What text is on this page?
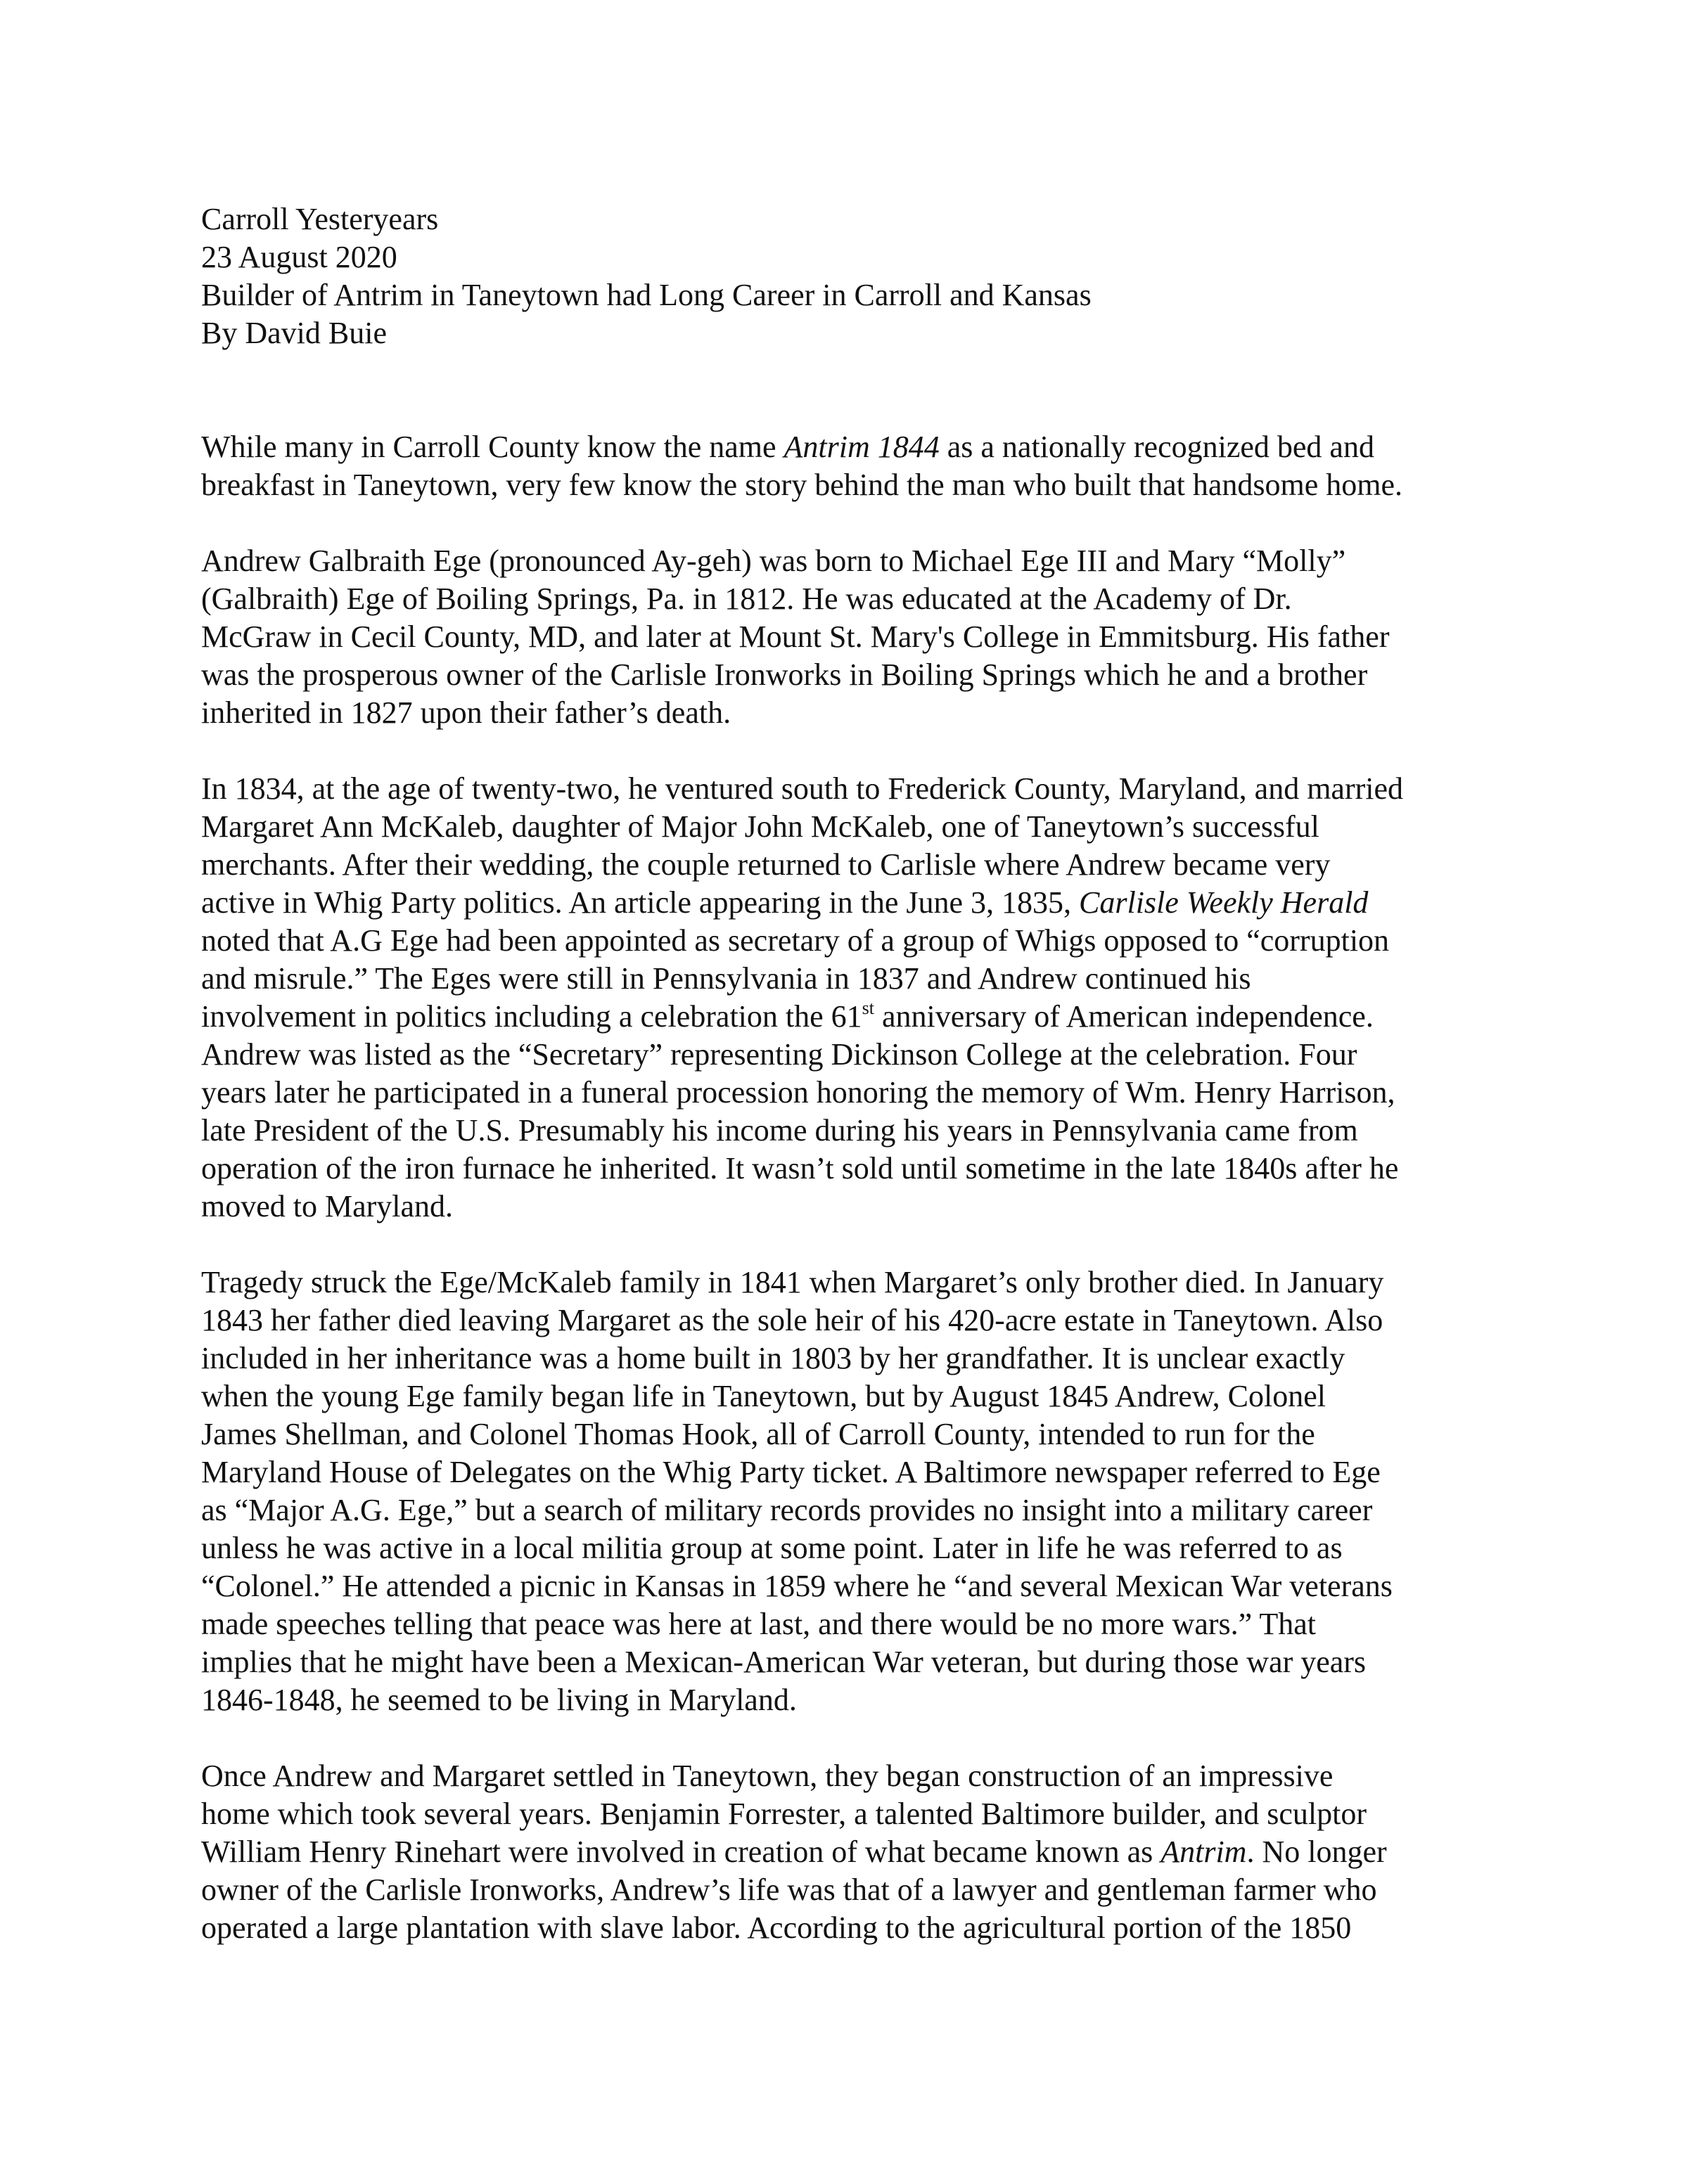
Carroll Yesteryears
23 August 2020
Builder of Antrim in Taneytown had Long Career in Carroll and Kansas
By David Buie
While many in Carroll County know the name Antrim 1844 as a nationally recognized bed and
breakfast in Taneytown, very few know the story behind the man who built that handsome home.
Andrew Galbraith Ege (pronounced Ay-geh) was born to Michael Ege III and Mary “Molly”
(Galbraith) Ege of Boiling Springs, Pa. in 1812. He was educated at the Academy of Dr.
McGraw in Cecil County, MD, and later at Mount St. Mary's College in Emmitsburg. His father
was the prosperous owner of the Carlisle Ironworks in Boiling Springs which he and a brother
inherited in 1827 upon their father’s death.
In 1834, at the age of twenty-two, he ventured south to Frederick County, Maryland, and married
Margaret Ann McKaleb, daughter of Major John McKaleb, one of Taneytown’s successful
merchants. After their wedding, the couple returned to Carlisle where Andrew became very
active in Whig Party politics. An article appearing in the June 3, 1835, Carlisle Weekly Herald
noted that A.G Ege had been appointed as secretary of a group of Whigs opposed to “corruption
and misrule.” The Eges were still in Pennsylvania in 1837 and Andrew continued his
involvement in politics including a celebration the 61st anniversary of American independence.
Andrew was listed as the “Secretary” representing Dickinson College at the celebration. Four
years later he participated in a funeral procession honoring the memory of Wm. Henry Harrison,
late President of the U.S. Presumably his income during his years in Pennsylvania came from
operation of the iron furnace he inherited. It wasn’t sold until sometime in the late 1840s after he
moved to Maryland.
Tragedy struck the Ege/McKaleb family in 1841 when Margaret’s only brother died. In January
1843 her father died leaving Margaret as the sole heir of his 420-acre estate in Taneytown. Also
included in her inheritance was a home built in 1803 by her grandfather. It is unclear exactly
when the young Ege family began life in Taneytown, but by August 1845 Andrew, Colonel
James Shellman, and Colonel Thomas Hook, all of Carroll County, intended to run for the
Maryland House of Delegates on the Whig Party ticket. A Baltimore newspaper referred to Ege
as “Major A.G. Ege,” but a search of military records provides no insight into a military career
unless he was active in a local militia group at some point. Later in life he was referred to as
“Colonel.” He attended a picnic in Kansas in 1859 where he “and several Mexican War veterans
made speeches telling that peace was here at last, and there would be no more wars.” That
implies that he might have been a Mexican-American War veteran, but during those war years
1846-1848, he seemed to be living in Maryland.
Once Andrew and Margaret settled in Taneytown, they began construction of an impressive
home which took several years. Benjamin Forrester, a talented Baltimore builder, and sculptor
William Henry Rinehart were involved in creation of what became known as Antrim. No longer
owner of the Carlisle Ironworks, Andrew’s life was that of a lawyer and gentleman farmer who
operated a large plantation with slave labor. According to the agricultural portion of the 1850
